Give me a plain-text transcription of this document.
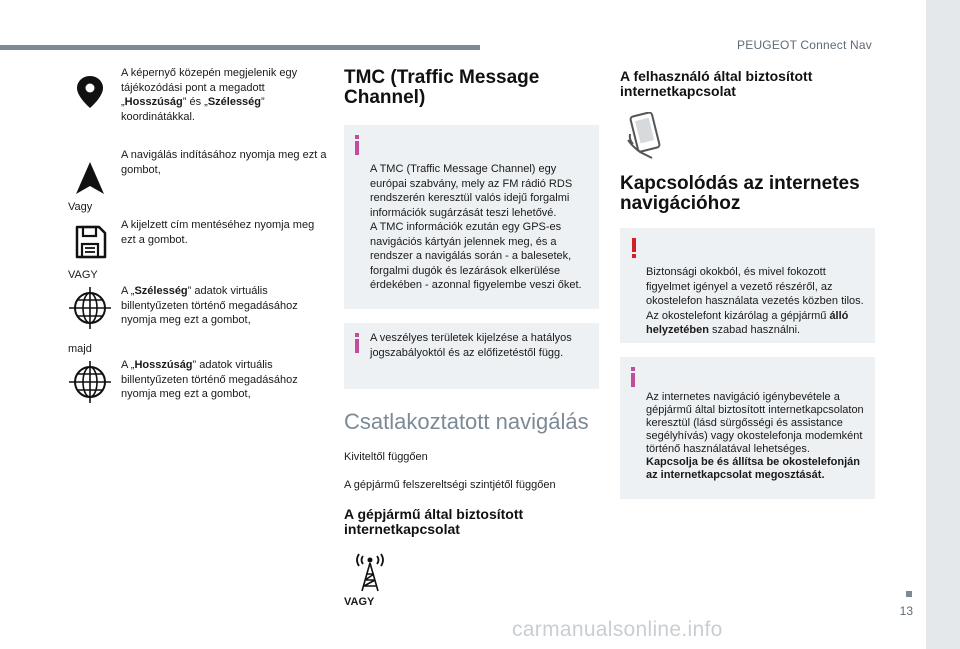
PEUGEOT Connect Nav
13
carmanualsonline.info
A képernyő közepén megjelenik egy tájékozódási pont a megadott „Hosszúság” és „Szélesség” koordinátákkal.
A navigálás indításához nyomja meg ezt a gombot,

Vagy

A kijelzett cím mentéséhez nyomja meg ezt a gombot.

VAGY

A „Szélesség” adatok virtuális billentyűzeten történő megadásához nyomja meg ezt a gombot,

majd

A „Hosszúság” adatok virtuális billentyűzeten történő megadásához nyomja meg ezt a gombot,
TMC (Traffic Message Channel)

A TMC (Traffic Message Channel) egy európai szabvány, mely az FM rádió RDS rendszerén keresztül valós idejű forgalmi információk sugárzását teszi lehetővé.
A TMC információk ezután egy GPS-es navigációs kártyán jelennek meg, és a rendszer a navigálás során - a balesetek, forgalmi dugók és lezárások elkerülése érdekében - azonnal figyelembe veszi őket.

A veszélyes területek kijelzése a hatályos jogszabályoktól és az előfizetéstől függ.
Csatlakoztatott navigálás

Kiviteltől függően

A gépjármű felszereltségi szintjétől függően

A gépjármű által biztosított internetkapcsolat

VAGY

A felhasználó által biztosított internetkapcsolat
Kapcsolódás az internetes navigációhoz

Biztonsági okokból, és mivel fokozott figyelmet igényel a vezető részéről, az okostelefon használata vezetés közben tilos.
Az okostelefont kizárólag a gépjármű álló helyzetében szabad használni.

Az internetes navigáció igénybevétele a gépjármű által biztosított internetkapcsolaton keresztül (lásd sürgősségi és assistance segélyhívás) vagy okostelefonja modemként történő használatával lehetséges.
Kapcsolja be és állítsa be okostelefonján az internetkapcsolat megosztását.
